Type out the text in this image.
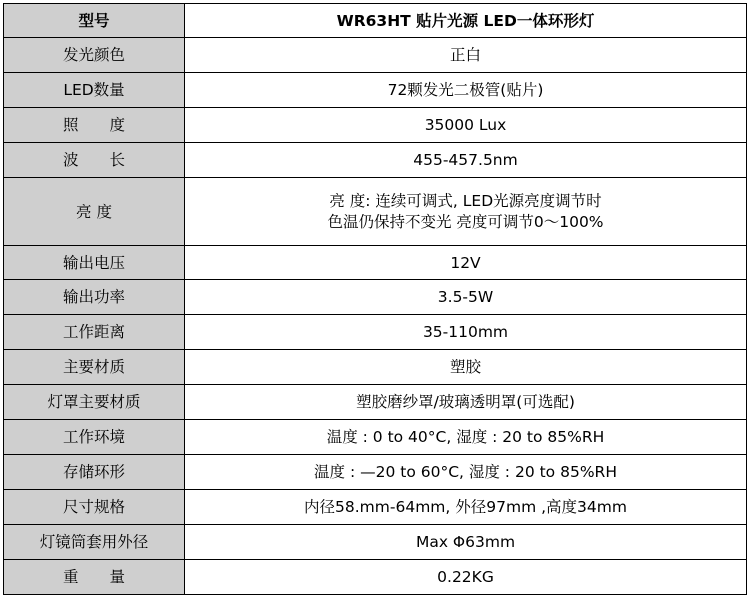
型号	WR63HT 贴片光源 LED一体环形灯
发光颜色	正白
LED数量	72颗发光二极管(贴片)
照　　度	35000 Lux
波　　长	455-457.5nm
亮 度	亮 度: 连续可调式, LED光源亮度调节时
色温仍保持不变光 亮度可调节0～100%

输出电压	12V
输出功率	3.5-5W
工作距离	35-110mm
主要材质	塑胶
灯罩主要材质	塑胶磨纱罩/玻璃透明罩(可选配)
工作环境	温度 : 0 to 40°C, 湿度 : 20 to 85%RH
存储环形	温度 : —20 to 60°C, 湿度 : 20 to 85%RH
尺寸规格	内径58.mm-64mm, 外径97mm ,高度34mm
灯镜筒套用外径	Max Φ63mm
重　　量	0.22KG
